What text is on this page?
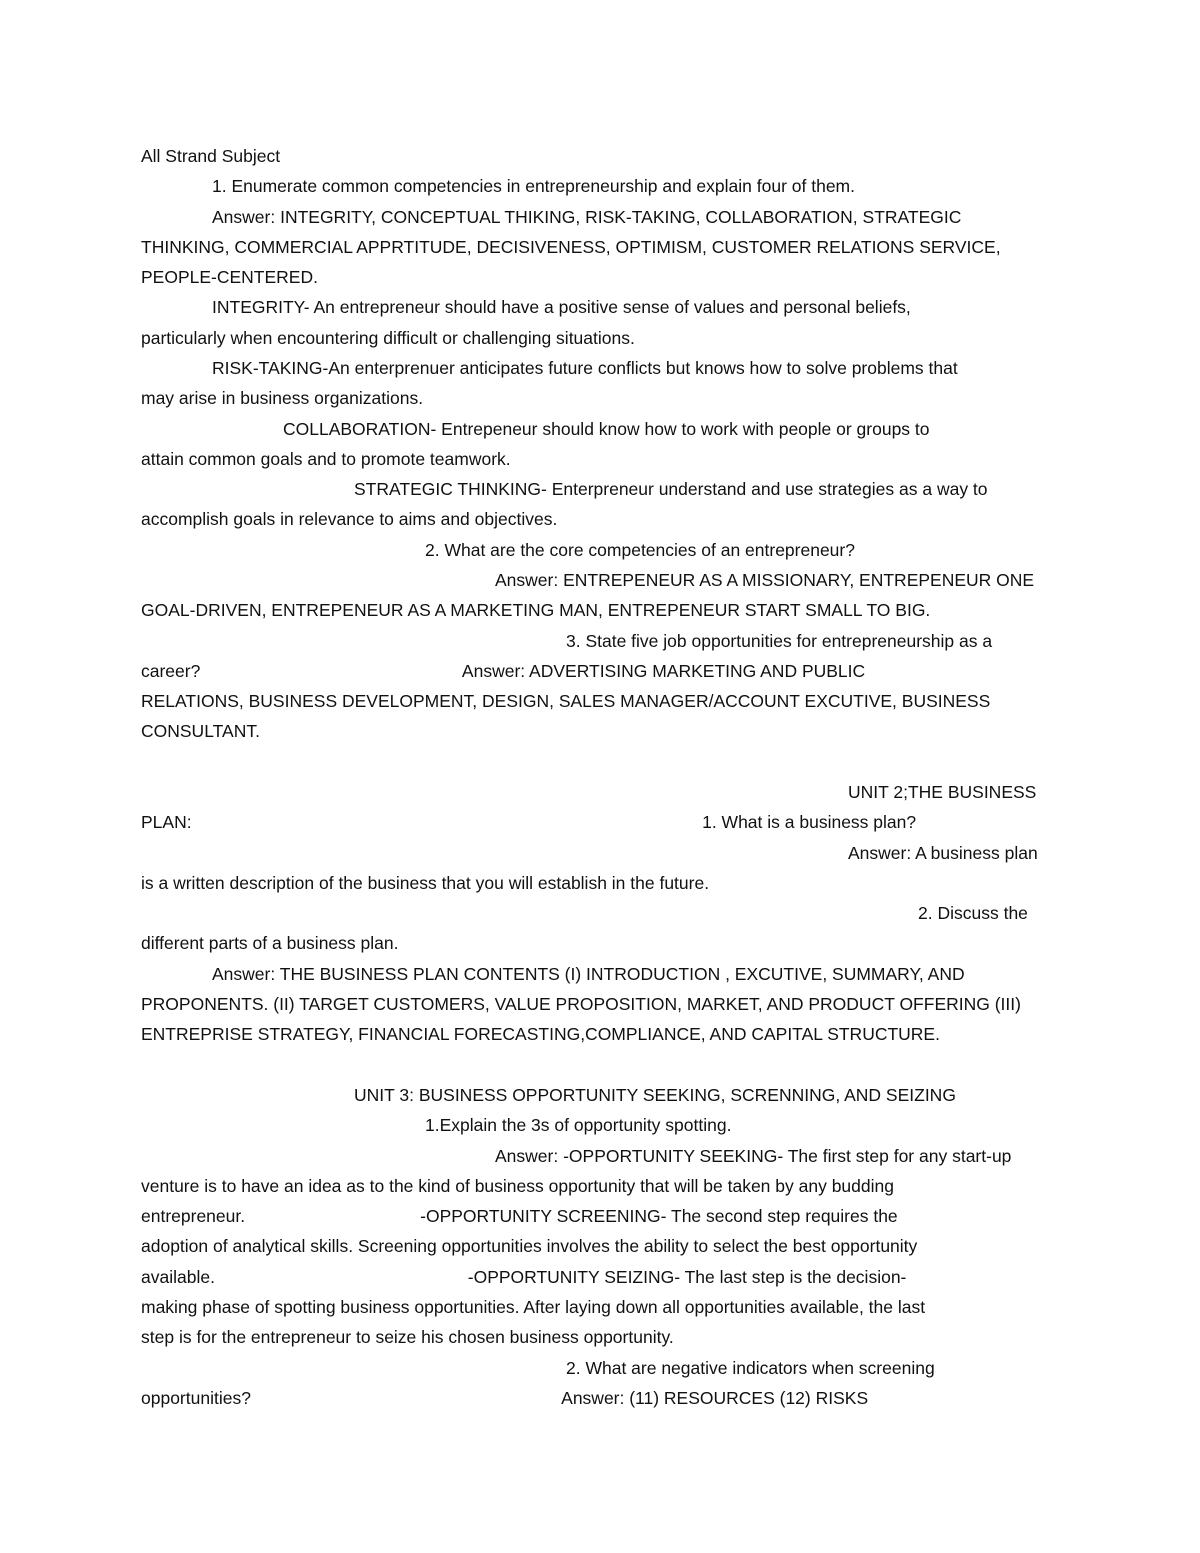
All Strand Subject
1. Enumerate common competencies in entrepreneurship and explain four of them.
Answer: INTEGRITY, CONCEPTUAL THIKING, RISK-TAKING, COLLABORATION, STRATEGIC
THINKING, COMMERCIAL APPRTITUDE, DECISIVENESS, OPTIMISM, CUSTOMER RELATIONS SERVICE,
PEOPLE-CENTERED.
INTEGRITY- An entrepreneur should have a positive sense of values and personal beliefs,
particularly when encountering difficult or challenging situations.
RISK-TAKING-An enterprenuer anticipates future conflicts but knows how to solve problems that
may arise in business organizations.
COLLABORATION- Entrepeneur should know how to work with people or groups to
attain common goals and to promote teamwork.
STRATEGIC THINKING- Enterpreneur understand and use strategies as a way to
accomplish goals in relevance to aims and objectives.
2. What are the core competencies of an entrepreneur?
Answer: ENTREPENEUR AS A MISSIONARY, ENTREPENEUR ONE
GOAL-DRIVEN, ENTREPENEUR AS A MARKETING MAN, ENTREPENEUR START SMALL TO BIG.
3. State five job opportunities for entrepreneurship as a
career?                                                      Answer: ADVERTISING MARKETING AND PUBLIC
RELATIONS, BUSINESS DEVELOPMENT, DESIGN, SALES MANAGER/ACCOUNT EXCUTIVE, BUSINESS
CONSULTANT.
UNIT 2;THE BUSINESS
PLAN:                                                                                                         1. What is a business plan?
Answer: A business plan
is a written description of the business that you will establish in the future.
2. Discuss the
different parts of a business plan.
Answer: THE BUSINESS PLAN CONTENTS (I) INTRODUCTION , EXCUTIVE, SUMMARY, AND
PROPONENTS. (II) TARGET CUSTOMERS, VALUE PROPOSITION, MARKET, AND PRODUCT OFFERING (III)
ENTREPRISE STRATEGY, FINANCIAL FORECASTING,COMPLIANCE, AND CAPITAL STRUCTURE.
UNIT 3: BUSINESS OPPORTUNITY SEEKING, SCRENNING, AND SEIZING
1.Explain the 3s of opportunity spotting.
Answer: -OPPORTUNITY SEEKING- The first step for any start-up
venture is to have an idea as to the kind of business opportunity that will be taken by any budding
entrepreneur.                                    -OPPORTUNITY SCREENING- The second step requires the
adoption of analytical skills. Screening opportunities involves the ability to select the best opportunity
available.                                                    -OPPORTUNITY SEIZING- The last step is the decision-
making phase of spotting business opportunities. After laying down all opportunities available, the last
step is for the entrepreneur to seize his chosen business opportunity.
2. What are negative indicators when screening
opportunities?                                                                Answer: (11) RESOURCES (12) RISKS
